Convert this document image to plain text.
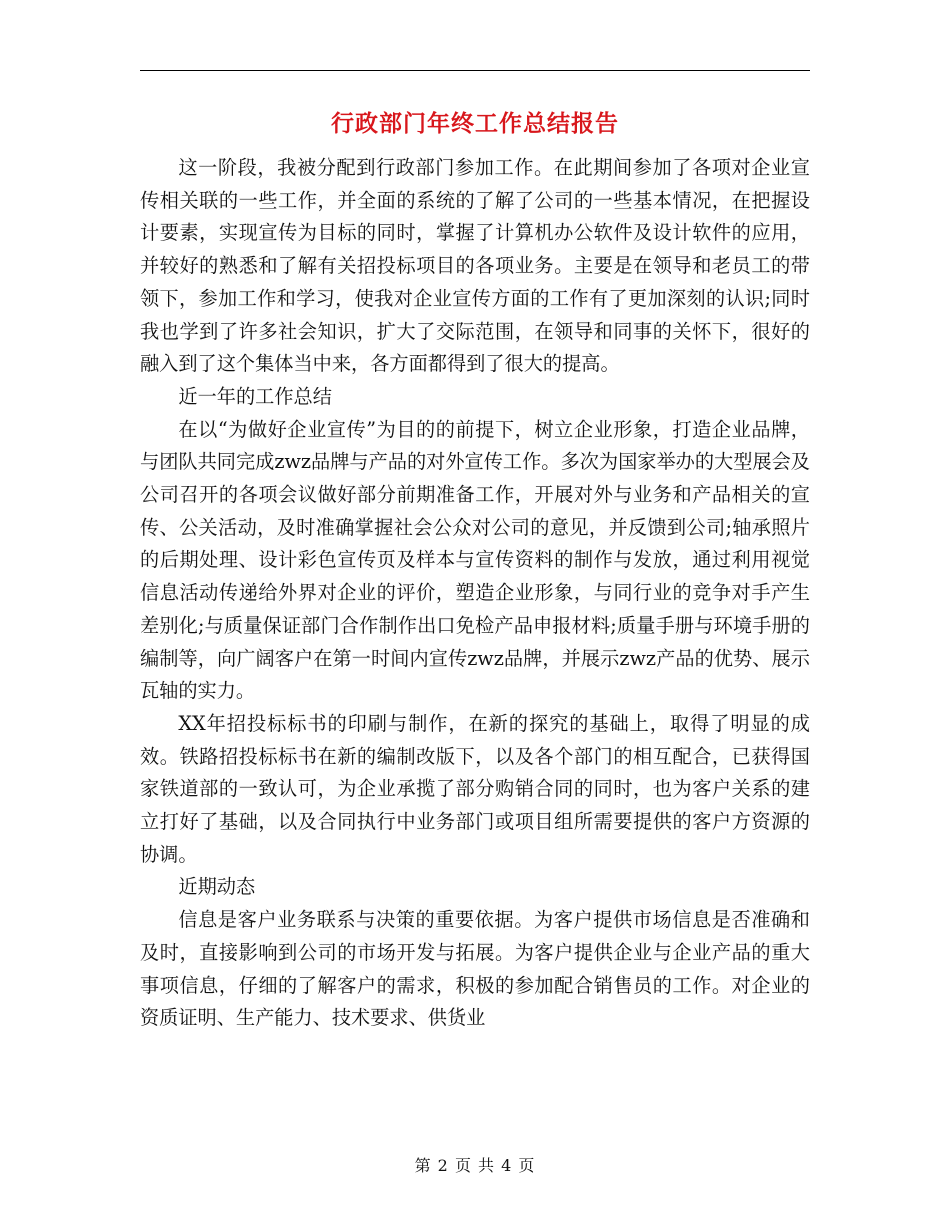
行政部门年终工作总结报告

这一阶段，我被分配到行政部门参加工作。在此期间参加了各项对企业宣传相关联的一些工作，并全面的系统的了解了公司的一些基本情况，在把握设计要素，实现宣传为目标的同时，掌握了计算机办公软件及设计软件的应用，并较好的熟悉和了解有关招投标项目的各项业务。主要是在领导和老员工的带领下，参加工作和学习，使我对企业宣传方面的工作有了更加深刻的认识;同时我也学到了许多社会知识，扩大了交际范围，在领导和同事的关怀下，很好的融入到了这个集体当中来，各方面都得到了很大的提高。

近一年的工作总结

在以“为做好企业宣传”为目的的前提下，树立企业形象，打造企业品牌，与团队共同完成zwz品牌与产品的对外宣传工作。多次为国家举办的大型展会及公司召开的各项会议做好部分前期准备工作，开展对外与业务和产品相关的宣传、公关活动，及时准确掌握社会公众对公司的意见，并反馈到公司;轴承照片的后期处理、设计彩色宣传页及样本与宣传资料的制作与发放，通过利用视觉信息活动传递给外界对企业的评价，塑造企业形象，与同行业的竞争对手产生差别化;与质量保证部门合作制作出口免检产品申报材料;质量手册与环境手册的编制等，向广阔客户在第一时间内宣传zwz品牌，并展示zwz产品的优势、展示瓦轴的实力。

XX年招投标标书的印刷与制作，在新的探究的基础上，取得了明显的成效。铁路招投标标书在新的编制改版下，以及各个部门的相互配合，已获得国家铁道部的一致认可，为企业承揽了部分购销合同的同时，也为客户关系的建立打好了基础，以及合同执行中业务部门或项目组所需要提供的客户方资源的协调。

近期动态

信息是客户业务联系与决策的重要依据。为客户提供市场信息是否准确和及时，直接影响到公司的市场开发与拓展。为客户提供企业与企业产品的重大事项信息，仔细的了解客户的需求，积极的参加配合销售员的工作。对企业的资质证明、生产能力、技术要求、供货业

第 2 页 共 4 页
